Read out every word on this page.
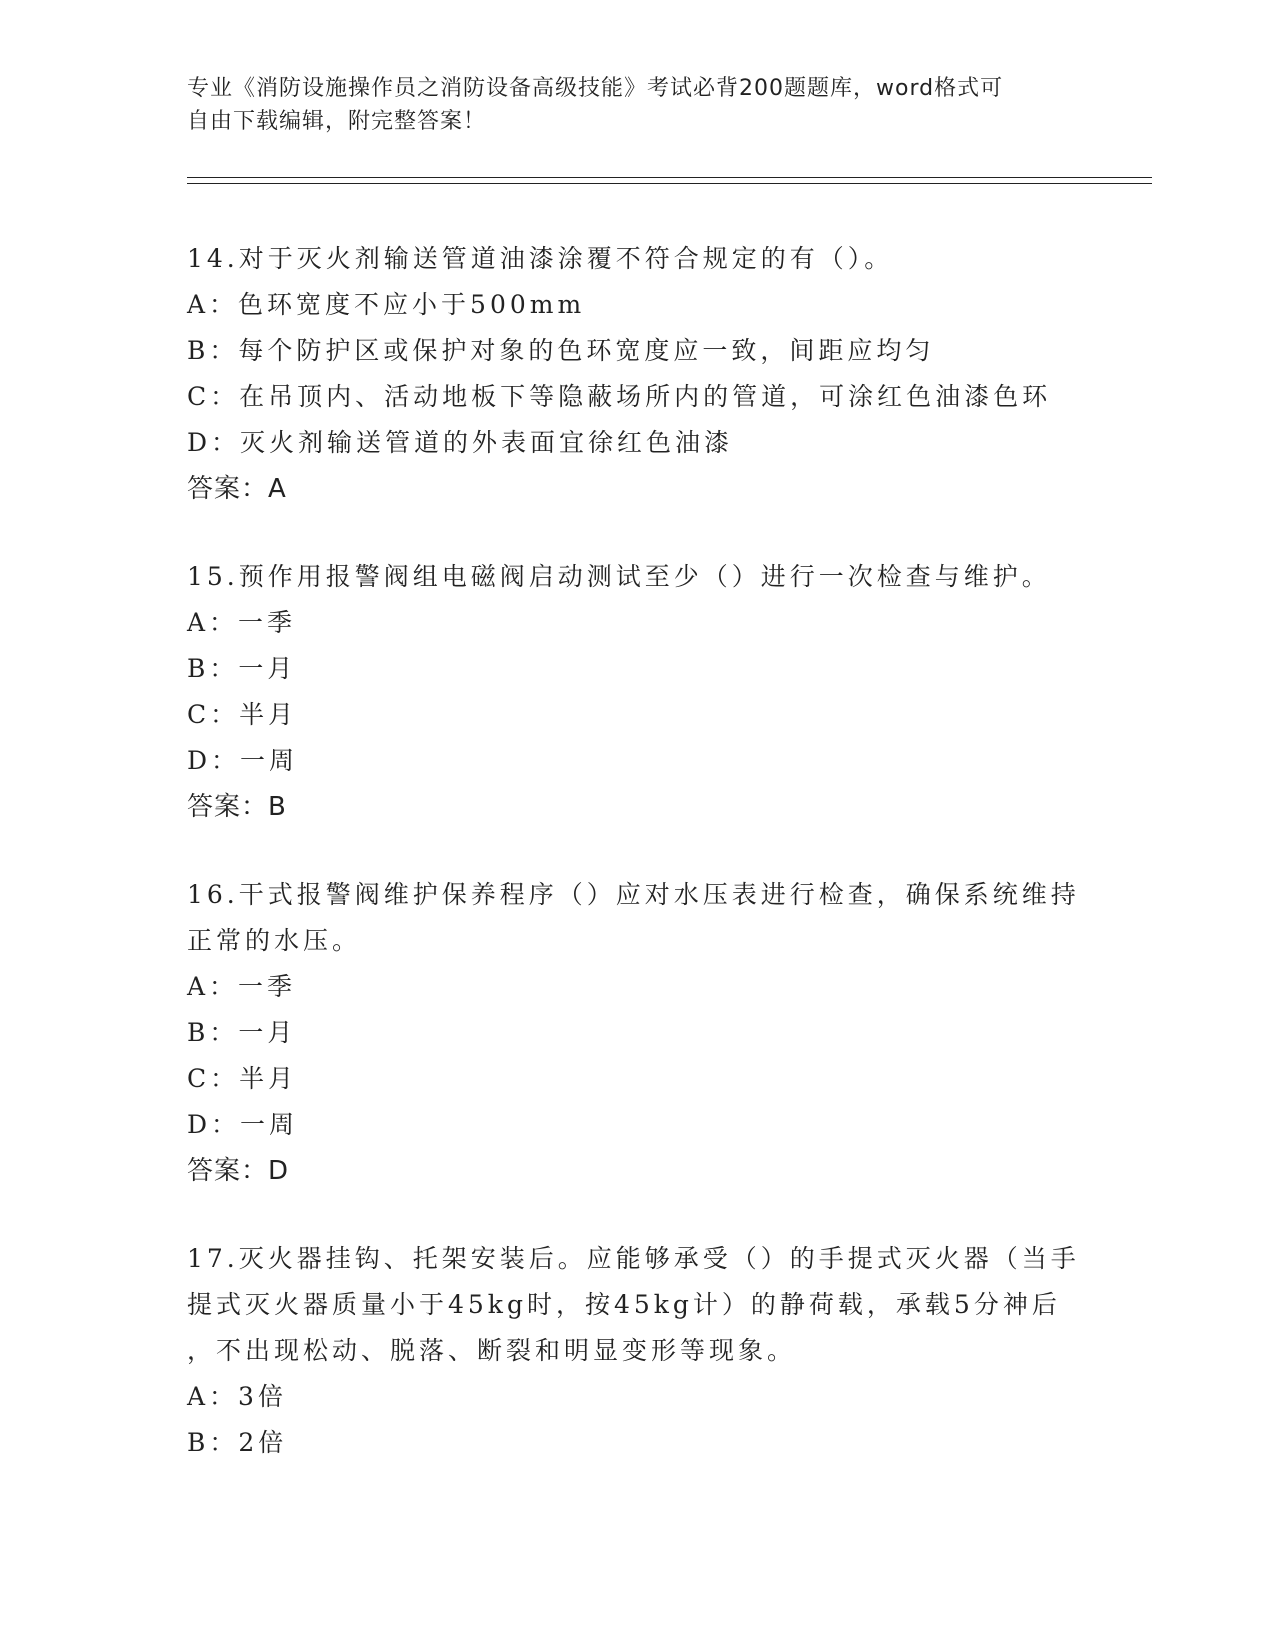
专业《消防设施操作员之消防设备高级技能》考试必背200题题库，word格式可
自由下载编辑，附完整答案！
14.对于灭火剂输送管道油漆涂覆不符合规定的有（）。
A：色环宽度不应小于500mm
B：每个防护区或保护对象的色环宽度应一致，间距应均匀
C：在吊顶内、活动地板下等隐蔽场所内的管道，可涂红色油漆色环
D：灭火剂输送管道的外表面宜徐红色油漆
答案：A
15.预作用报警阀组电磁阀启动测试至少（）进行一次检查与维护。
A：一季
B：一月
C：半月
D：一周
答案：B
16.干式报警阀维护保养程序（）应对水压表进行检查，确保系统维持
正常的水压。
A：一季
B：一月
C：半月
D：一周
答案：D
17.灭火器挂钩、托架安装后。应能够承受（）的手提式灭火器（当手
提式灭火器质量小于45kg时，按45kg计）的静荷载，承载5分神后
，不出现松动、脱落、断裂和明显变形等现象。
A：3倍
B：2倍
